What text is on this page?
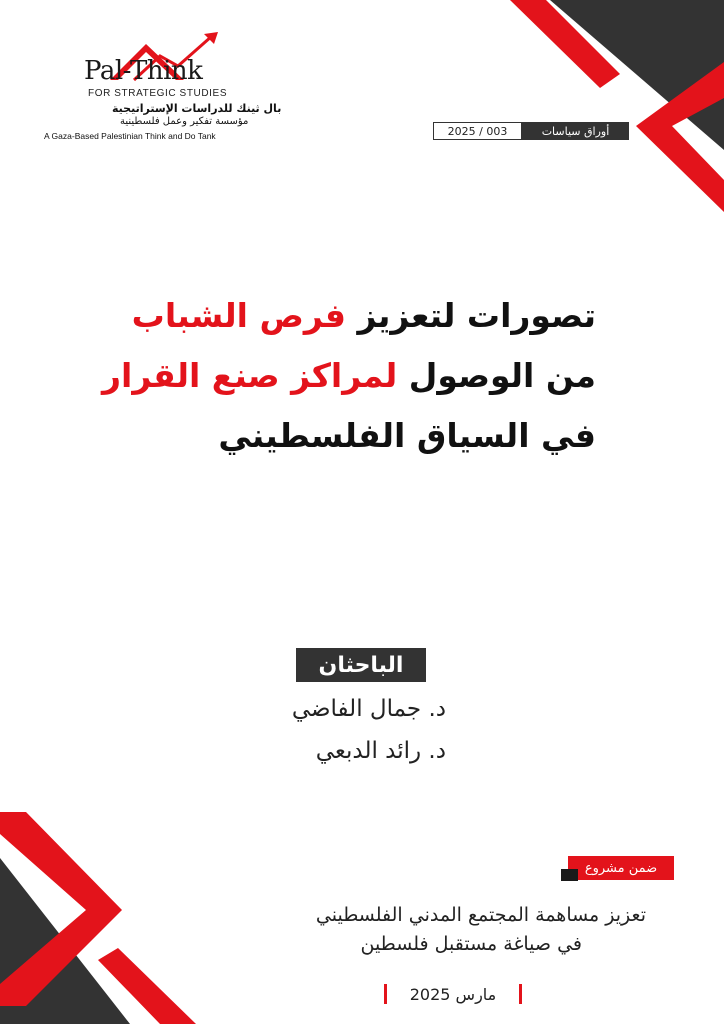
Pal-Think
FOR STRATEGIC STUDIES
بال ثينك للدراسات الإستراتيجية
مؤسسة تفكير وعمل فلسطينية
A Gaza-Based Palestinian Think and Do Tank	2025 / 003	أوراق سياسات
تصورات لتعزيز فرص الشباب
من الوصول لمراكز صنع القرار
في السياق الفلسطيني
الباحثان
د. جمال الفاضي
د. رائد الدبعي
ضمن مشروع
تعزيز مساهمة المجتمع المدني الفلسطيني
في صياغة مستقبل فلسطين
مارس 2025
